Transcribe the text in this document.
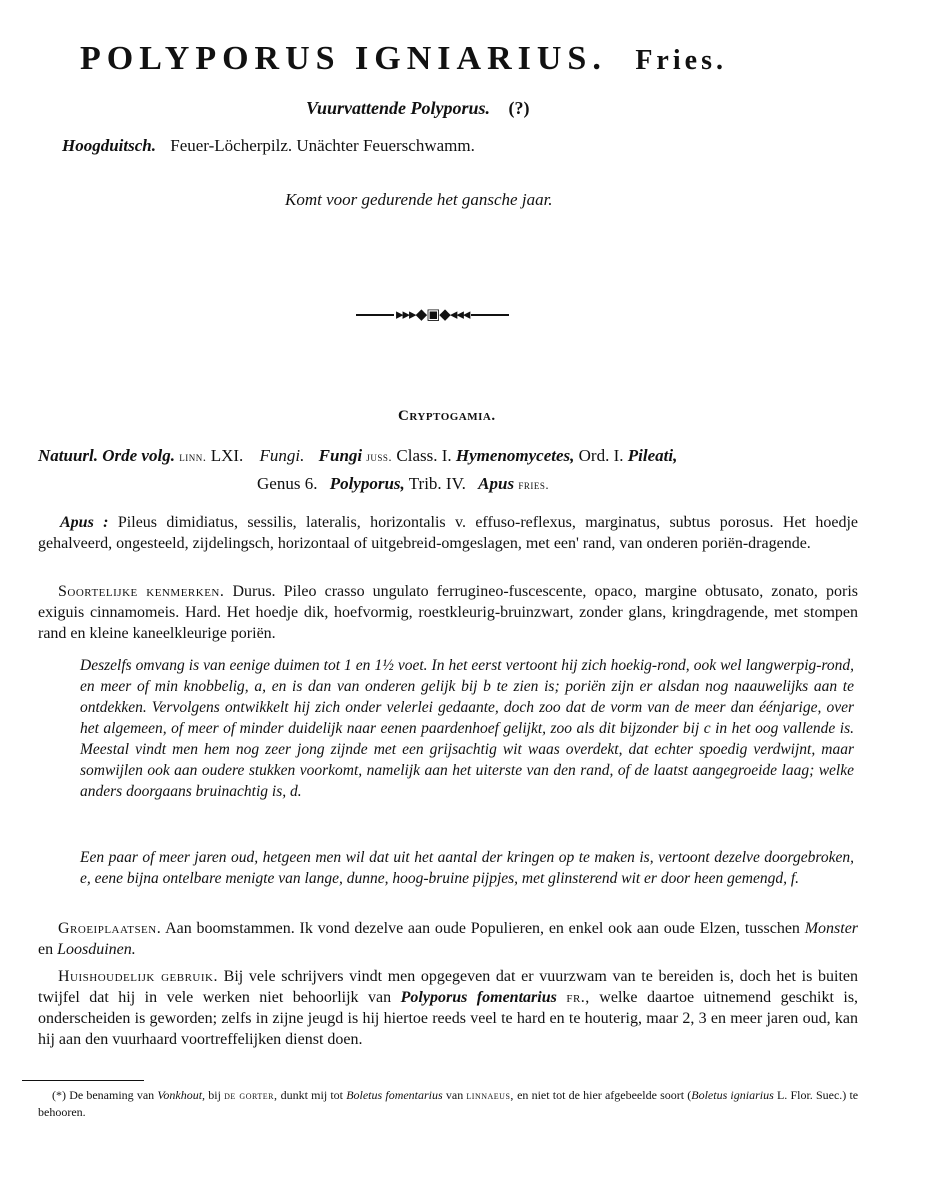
POLYPORUS IGNIARIUS. Fries.
Vuurvattende Polyporus. (?)
Hoogduitsch. Feuer-Löcherpilz. Unächter Feuerschwamm.
Komt voor gedurende het gansche jaar.
▸▸▸◆▣◆◂◂◂
Cryptogamia.
Natuurl. Orde volg. linn. LXI. Fungi. Fungi juss. Class. I. Hymenomycetes, Ord. I. Pileati,
Genus 6. Polyporus, Trib. IV. Apus fries.
Apus : Pileus dimidiatus, sessilis, lateralis, horizontalis v. effuso-reflexus, marginatus, subtus porosus. Het hoedje gehalveerd, ongesteeld, zijdelingsch, horizontaal of uitgebreid-omgeslagen, met een' rand, van onderen poriën-dragende.
Soortelijke kenmerken. Durus. Pileo crasso ungulato ferrugineo-fuscescente, opaco, margine obtusato, zonato, poris exiguis cinnamomeis. Hard. Het hoedje dik, hoefvormig, roestkleurig-bruinzwart, zonder glans, kringdragende, met stompen rand en kleine kaneelkleurige poriën.
Deszelfs omvang is van eenige duimen tot 1 en 1½ voet. In het eerst vertoont hij zich hoekig-rond, ook wel langwerpig-rond, en meer of min knobbelig, a, en is dan van onderen gelijk bij b te zien is; poriën zijn er alsdan nog naauwelijks aan te ontdekken. Vervolgens ontwikkelt hij zich onder velerlei gedaante, doch zoo dat de vorm van de meer dan éénjarige, over het algemeen, of meer of minder duidelijk naar eenen paardenhoef gelijkt, zoo als dit bijzonder bij c in het oog vallende is. Meestal vindt men hem nog zeer jong zijnde met een grijsachtig wit waas overdekt, dat echter spoedig verdwijnt, maar somwijlen ook aan oudere stukken voorkomt, namelijk aan het uiterste van den rand, of de laatst aangegroeide laag; welke anders doorgaans bruinachtig is, d.
Een paar of meer jaren oud, hetgeen men wil dat uit het aantal der kringen op te maken is, vertoont dezelve doorgebroken, e, eene bijna ontelbare menigte van lange, dunne, hoog-bruine pijpjes, met glinsterend wit er door heen gemengd, f.
Groeiplaatsen. Aan boomstammen. Ik vond dezelve aan oude Populieren, en enkel ook aan oude Elzen, tusschen Monster en Loosduinen.
Huishoudelijk gebruik. Bij vele schrijvers vindt men opgegeven dat er vuurzwam van te bereiden is, doch het is buiten twijfel dat hij in vele werken niet behoorlijk van Polyporus fomentarius fr., welke daartoe uitnemend geschikt is, onderscheiden is geworden; zelfs in zijne jeugd is hij hiertoe reeds veel te hard en te houterig, maar 2, 3 en meer jaren oud, kan hij aan den vuurhaard voortreffelijken dienst doen.
(*) De benaming van Vonkhout, bij de gorter, dunkt mij tot Boletus fomentarius van linnaeus, en niet tot de hier afgebeelde soort (Boletus igniarius L. Flor. Suec.) te behooren.
